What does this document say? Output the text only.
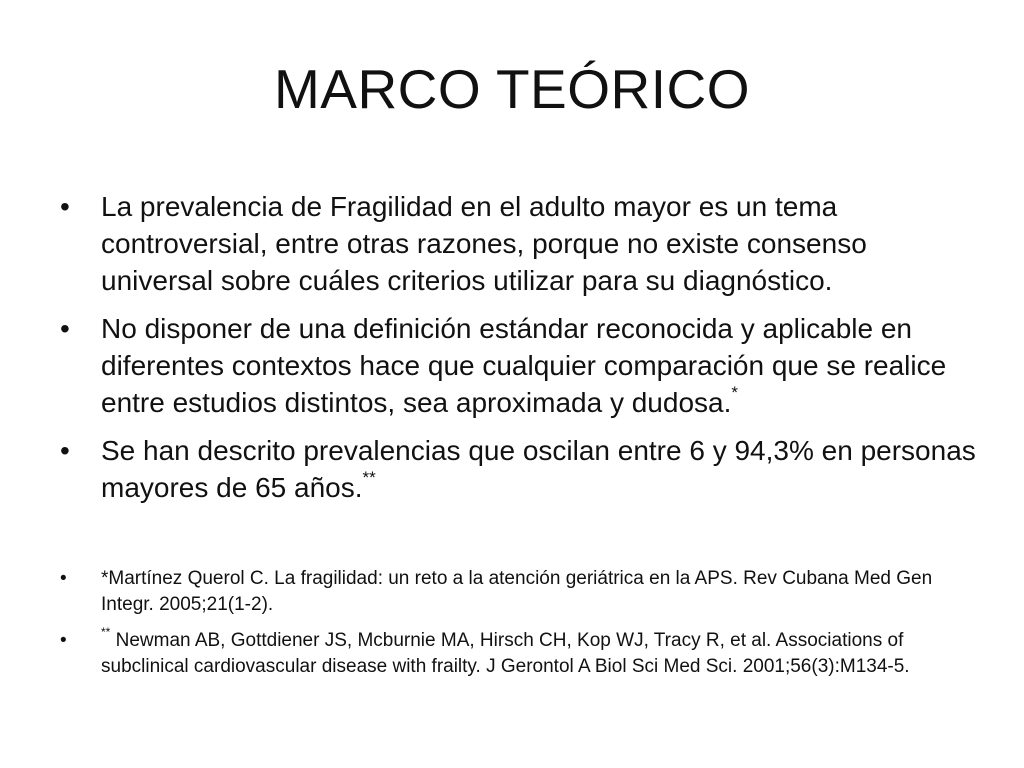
MARCO TEÓRICO
• La prevalencia de Fragilidad en el adulto mayor es un tema controversial, entre otras razones, porque no existe consenso universal sobre cuáles criterios utilizar para su diagnóstico.
• No disponer de una definición estándar reconocida y aplicable en diferentes contextos hace que cualquier comparación que se realice entre estudios distintos, sea aproximada y dudosa.*
• Se han descrito prevalencias que oscilan entre 6 y 94,3% en personas mayores de 65 años.**
• *Martínez Querol C. La fragilidad: un reto a la atención geriátrica en la APS. Rev Cubana Med Gen Integr. 2005;21(1-2).
•	** Newman AB, Gottdiener JS, Mcburnie MA, Hirsch CH, Kop WJ, Tracy R, et al. Associations of subclinical cardiovascular disease with frailty. J Gerontol A Biol Sci Med Sci. 2001;56(3):M134-5.
